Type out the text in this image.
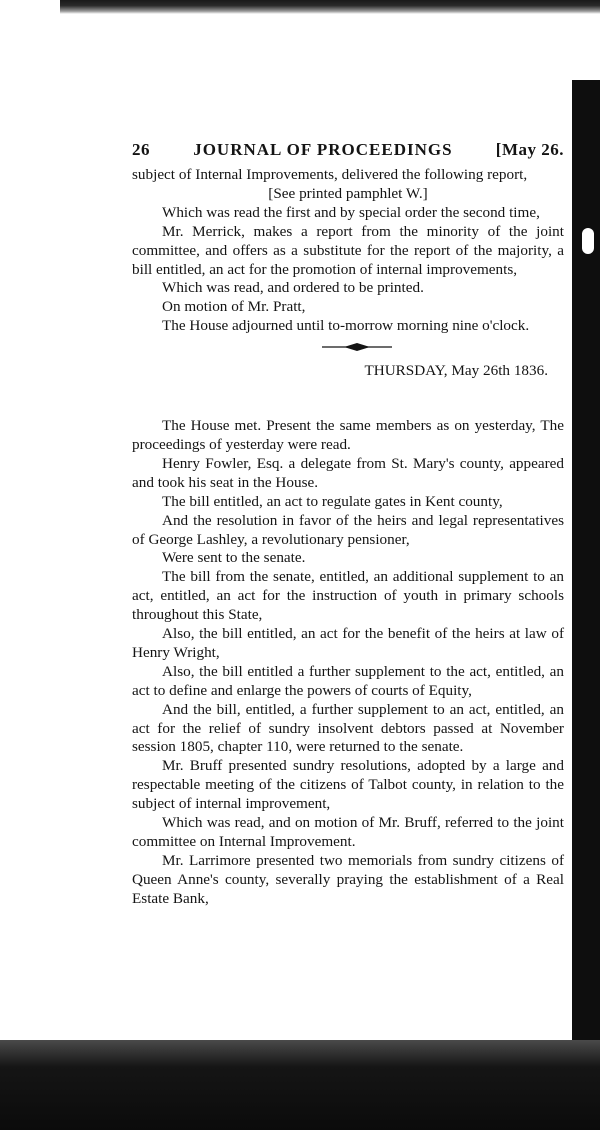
26	JOURNAL OF PROCEEDINGS	[May 26.

subject of Internal Improvements, delivered the following report,

[See printed pamphlet W.]

Which was read the first and by special order the second time,

Mr. Merrick, makes a report from the minority of the joint committee, and offers as a substitute for the report of the majority, a bill entitled, an act for the promotion of internal improvements,

Which was read, and ordered to be printed.

On motion of Mr. Pratt,

The House adjourned until to-morrow morning nine o'clock.

THURSDAY, May 26th 1836.

The House met. Present the same members as on yesterday, The proceedings of yesterday were read.

Henry Fowler, Esq. a delegate from St. Mary's county, appeared and took his seat in the House.

The bill entitled, an act to regulate gates in Kent county,

And the resolution in favor of the heirs and legal representatives of George Lashley, a revolutionary pensioner,

Were sent to the senate.

The bill from the senate, entitled, an additional supplement to an act, entitled, an act for the instruction of youth in primary schools throughout this State,

Also, the bill entitled, an act for the benefit of the heirs at law of Henry Wright,

Also, the bill entitled a further supplement to the act, entitled, an act to define and enlarge the powers of courts of Equity,

And the bill, entitled, a further supplement to an act, entitled, an act for the relief of sundry insolvent debtors passed at November session 1805, chapter 110, were returned to the senate.

Mr. Bruff presented sundry resolutions, adopted by a large and respectable meeting of the citizens of Talbot county, in relation to the subject of internal improvement,

Which was read, and on motion of Mr. Bruff, referred to the joint committee on Internal Improvement.

Mr. Larrimore presented two memorials from sundry citizens of Queen Anne's county, severally praying the establishment of a Real Estate Bank,
